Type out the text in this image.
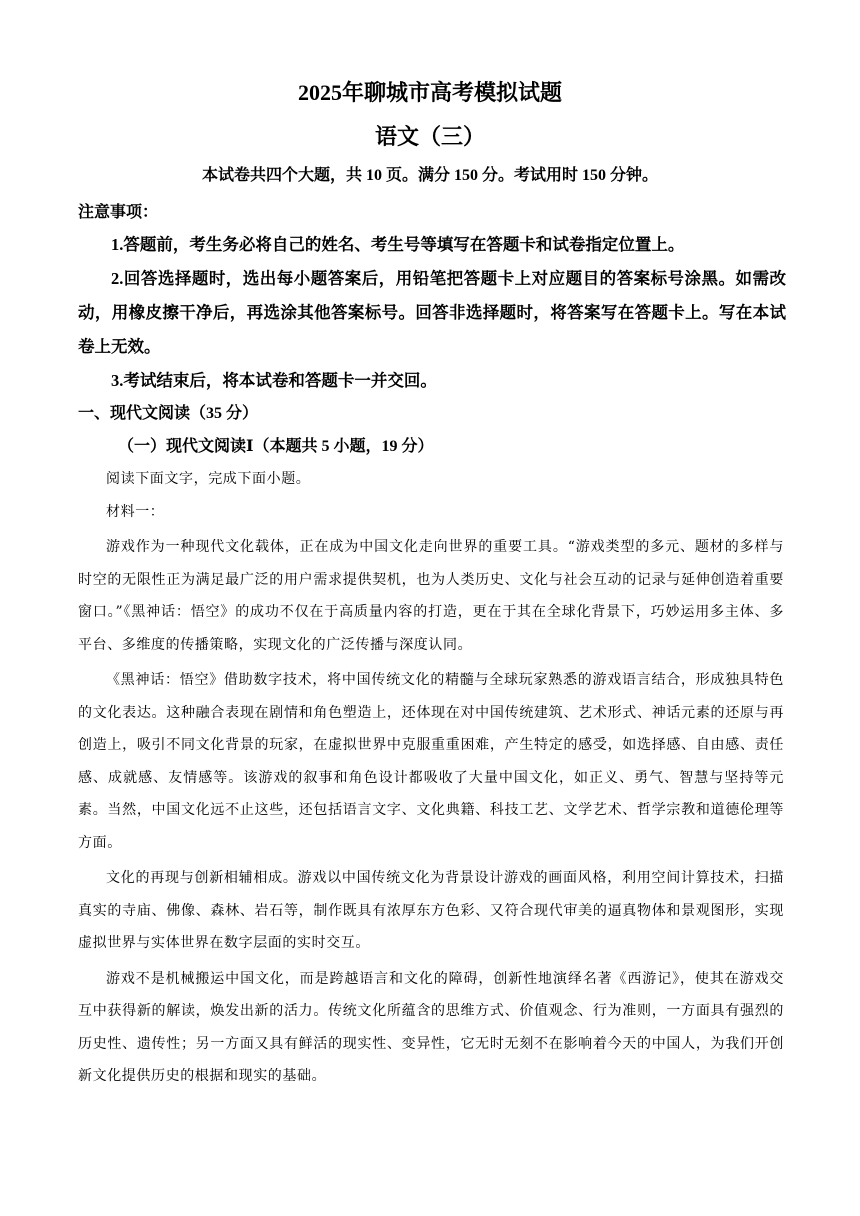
2025年聊城市高考模拟试题
语文（三）
本试卷共四个大题，共 10 页。满分 150 分。考试用时 150 分钟。
注意事项：

1.答题前，考生务必将自己的姓名、考生号等填写在答题卡和试卷指定位置上。

2.回答选择题时，选出每小题答案后，用铅笔把答题卡上对应题目的答案标号涂黑。如需改动，用橡皮擦干净后，再选涂其他答案标号。回答非选择题时，将答案写在答题卡上。写在本试卷上无效。

3.考试结束后，将本试卷和答题卡一并交回。

一、现代文阅读（35 分）
（一）现代文阅读Ⅰ（本题共 5 小题，19 分）

阅读下面文字，完成下面小题。

材料一：

游戏作为一种现代文化载体，正在成为中国文化走向世界的重要工具。“游戏类型的多元、题材的多样与时空的无限性正为满足最广泛的用户需求提供契机，也为人类历史、文化与社会互动的记录与延伸创造着重要窗口。”《黑神话：悟空》的成功不仅在于高质量内容的打造，更在于其在全球化背景下，巧妙运用多主体、多平台、多维度的传播策略，实现文化的广泛传播与深度认同。

《黑神话：悟空》借助数字技术，将中国传统文化的精髓与全球玩家熟悉的游戏语言结合，形成独具特色的文化表达。这种融合表现在剧情和角色塑造上，还体现在对中国传统建筑、艺术形式、神话元素的还原与再创造上，吸引不同文化背景的玩家，在虚拟世界中克服重重困难，产生特定的感受，如选择感、自由感、责任感、成就感、友情感等。该游戏的叙事和角色设计都吸收了大量中国文化，如正义、勇气、智慧与坚持等元素。当然，中国文化远不止这些，还包括语言文字、文化典籍、科技工艺、文学艺术、哲学宗教和道德伦理等方面。

文化的再现与创新相辅相成。游戏以中国传统文化为背景设计游戏的画面风格，利用空间计算技术，扫描真实的寺庙、佛像、森林、岩石等，制作既具有浓厚东方色彩、又符合现代审美的逼真物体和景观图形，实现虚拟世界与实体世界在数字层面的实时交互。

游戏不是机械搬运中国文化，而是跨越语言和文化的障碍，创新性地演绎名著《西游记》，使其在游戏交互中获得新的解读，焕发出新的活力。传统文化所蕴含的思维方式、价值观念、行为准则，一方面具有强烈的历史性、遗传性；另一方面又具有鲜活的现实性、变异性，它无时无刻不在影响着今天的中国人，为我们开创新文化提供历史的根据和现实的基础。
